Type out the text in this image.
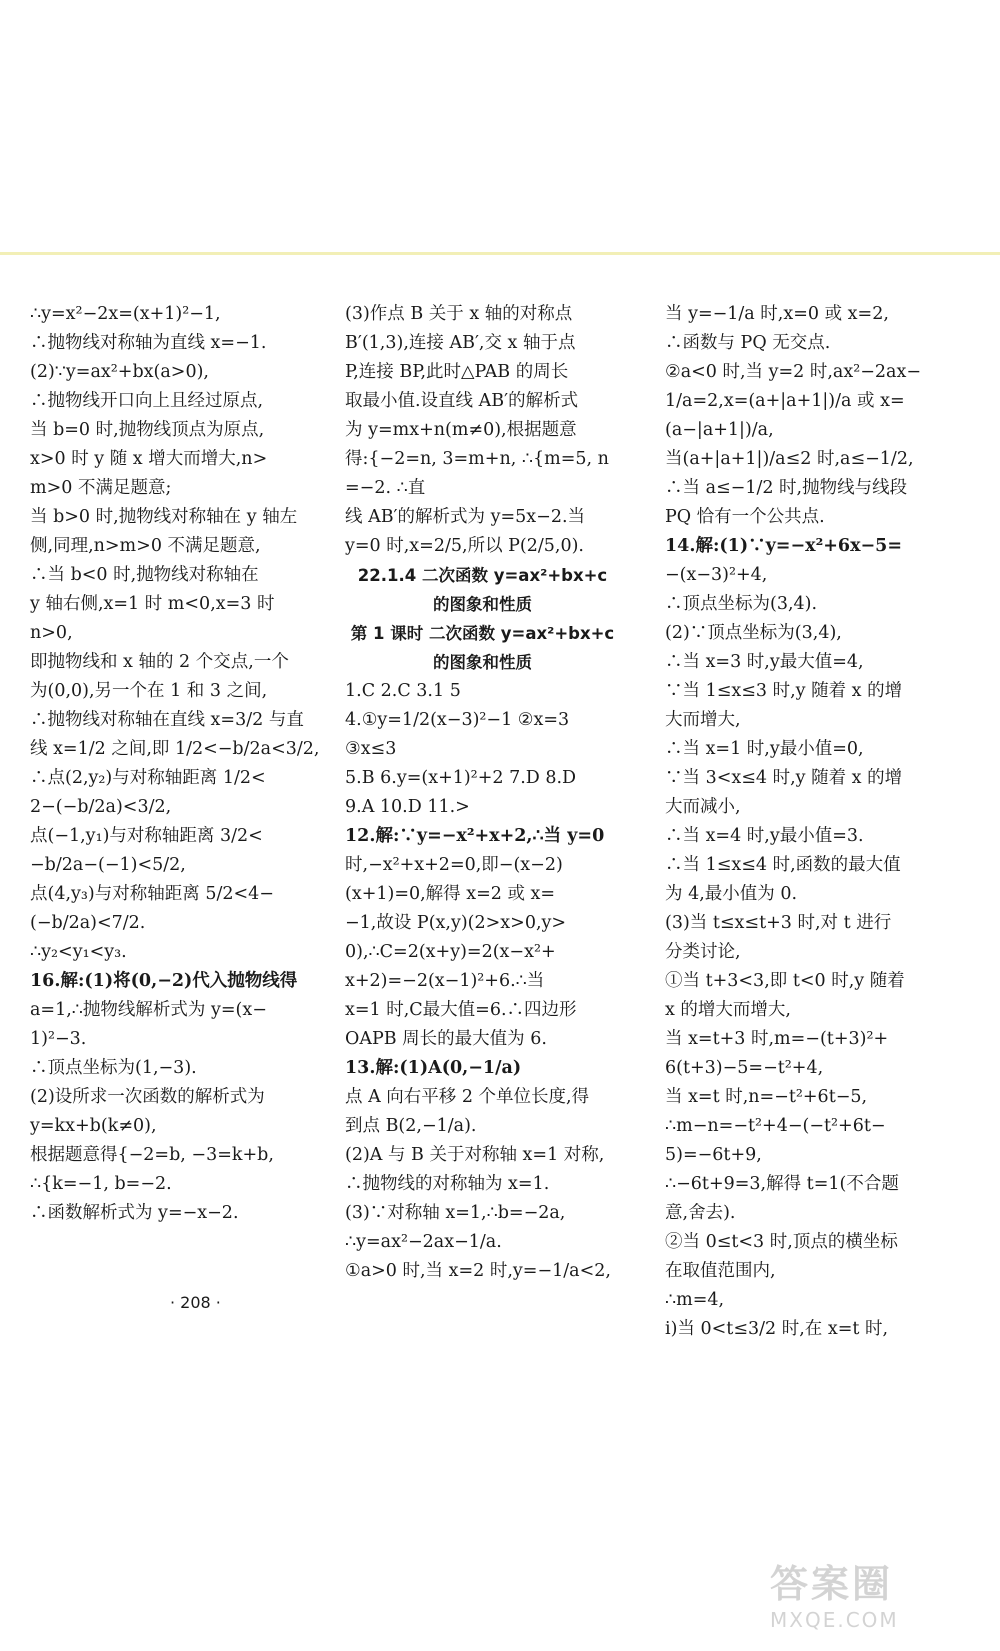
∴y=x²−2x=(x+1)²−1,
∴抛物线对称轴为直线 x=−1.
(2)∵y=ax²+bx(a>0),
∴抛物线开口向上且经过原点,
当 b=0 时,抛物线顶点为原点,
x>0 时 y 随 x 增大而增大,n>
m>0 不满足题意;
当 b>0 时,抛物线对称轴在 y 轴左
侧,同理,n>m>0 不满足题意,
∴当 b<0 时,抛物线对称轴在
y 轴右侧,x=1 时 m<0,x=3 时
n>0,
即抛物线和 x 轴的 2 个交点,一个
为(0,0),另一个在 1 和 3 之间,
∴抛物线对称轴在直线 x=3/2 与直
线 x=1/2 之间,即 1/2<−b/2a<3/2,
∴点(2,y₂)与对称轴距离 1/2<
2−(−b/2a)<3/2,
点(−1,y₁)与对称轴距离 3/2<
−b/2a−(−1)<5/2,
点(4,y₃)与对称轴距离 5/2<4−
(−b/2a)<7/2.
∴y₂<y₁<y₃.
16.解:(1)将(0,−2)代入抛物线得
a=1,∴抛物线解析式为 y=(x−
1)²−3.
∴顶点坐标为(1,−3).
(2)设所求一次函数的解析式为
y=kx+b(k≠0),
根据题意得{−2=b, −3=k+b,
∴{k=−1, b=−2.
∴函数解析式为 y=−x−2.
(3)作点 B 关于 x 轴的对称点
B′(1,3),连接 AB′,交 x 轴于点
P,连接 BP,此时△PAB 的周长
取最小值.设直线 AB′的解析式
为 y=mx+n(m≠0),根据题意
得:{−2=n, 3=m+n, ∴{m=5, n=−2. ∴直
线 AB′的解析式为 y=5x−2.当
y=0 时,x=2/5,所以 P(2/5,0).
22.1.4 二次函数 y=ax²+bx+c
的图象和性质
第 1 课时 二次函数 y=ax²+bx+c
的图象和性质
1.C 2.C 3.1 5
4.①y=1/2(x−3)²−1 ②x=3
③x≤3
5.B 6.y=(x+1)²+2 7.D 8.D
9.A 10.D 11.>
12.解:∵y=−x²+x+2,∴当 y=0
时,−x²+x+2=0,即−(x−2)
(x+1)=0,解得 x=2 或 x=
−1,故设 P(x,y)(2>x>0,y>
0),∴C=2(x+y)=2(x−x²+
x+2)=−2(x−1)²+6.∴当
x=1 时,C最大值=6.∴四边形
OAPB 周长的最大值为 6.
13.解:(1)A(0,−1/a)
点 A 向右平移 2 个单位长度,得
到点 B(2,−1/a).
(2)A 与 B 关于对称轴 x=1 对称,
∴抛物线的对称轴为 x=1.
(3)∵对称轴 x=1,∴b=−2a,
∴y=ax²−2ax−1/a.
①a>0 时,当 x=2 时,y=−1/a<2,
当 y=−1/a 时,x=0 或 x=2,
∴函数与 PQ 无交点.
②a<0 时,当 y=2 时,ax²−2ax−
1/a=2,x=(a+|a+1|)/a 或 x=
(a−|a+1|)/a,
当(a+|a+1|)/a≤2 时,a≤−1/2,
∴当 a≤−1/2 时,抛物线与线段
PQ 恰有一个公共点.
14.解:(1)∵y=−x²+6x−5=
−(x−3)²+4,
∴顶点坐标为(3,4).
(2)∵顶点坐标为(3,4),
∴当 x=3 时,y最大值=4,
∵当 1≤x≤3 时,y 随着 x 的增
大而增大,
∴当 x=1 时,y最小值=0,
∵当 3<x≤4 时,y 随着 x 的增
大而减小,
∴当 x=4 时,y最小值=3.
∴当 1≤x≤4 时,函数的最大值
为 4,最小值为 0.
(3)当 t≤x≤t+3 时,对 t 进行
分类讨论,
①当 t+3<3,即 t<0 时,y 随着
x 的增大而增大,
当 x=t+3 时,m=−(t+3)²+
6(t+3)−5=−t²+4,
当 x=t 时,n=−t²+6t−5,
∴m−n=−t²+4−(−t²+6t−
5)=−6t+9,
∴−6t+9=3,解得 t=1(不合题
意,舍去).
②当 0≤t<3 时,顶点的横坐标
在取值范围内,
∴m=4,
ⅰ)当 0<t≤3/2 时,在 x=t 时,
· 208 ·
答案圈
MXQE.COM
